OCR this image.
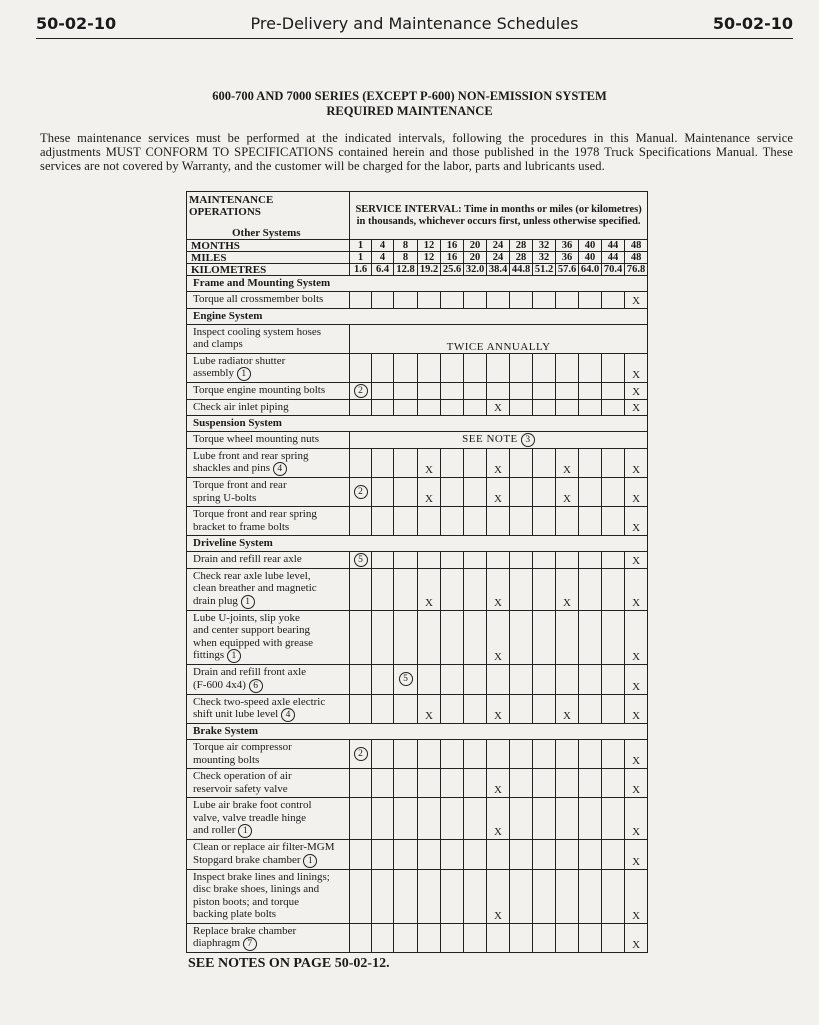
50-02-10	Pre-Delivery and Maintenance Schedules	50-02-10
600-700 AND 7000 SERIES (EXCEPT P-600) NON-EMISSION SYSTEM
REQUIRED MAINTENANCE
These maintenance services must be performed at the indicated intervals, following the procedures in this Manual. Maintenance service adjustments MUST CONFORM TO SPECIFICATIONS contained herein and those published in the 1978 Truck Specifications Manual. These services are not covered by Warranty, and the customer will be charged for the labor, parts and lubricants used.
MAINTENANCE OPERATIONS
Other Systems	SERVICE INTERVAL: Time in months or miles (or kilometres) in thousands, whichever occurs first, unless otherwise specified.												
MONTHS	1	4	8	12	16	20	24	28	32	36	40	44	48
MILES	1	4	8	12	16	20	24	28	32	36	40	44	48
KILOMETRES	1.6	6.4	12.8	19.2	25.6	32.0	38.4	44.8	51.2	57.6	64.0	70.4	76.8
Frame and Mounting System													

Torque all crossmember bolts													X
Engine System													

Inspect cooling system hoses
and clamps	TWICE ANNUALLY												

Lube radiator shutter
assembly 1													X

Torque engine mounting bolts	2												X

Check air inlet piping							X						X
Suspension System													

Torque wheel mounting nuts	SEE NOTE 3												

Lube front and rear spring
shackles and pins 4				X			X			X			X

Torque front and rear
spring U-bolts	2			X			X			X			X

Torque front and rear spring
bracket to frame bolts													X
Driveline System													

Drain and refill rear axle	5												X

Check rear axle lube level,
clean breather and magnetic
drain plug 1				X			X			X			X

Lube U-joints, slip yoke
and center support bearing
when equipped with grease
fittings 1							X						X

Drain and refill front axle
(F-600 4x4) 6			5										X

Check two-speed axle electric
shift unit lube level 4				X			X			X			X
Brake System													

Torque air compressor
mounting bolts	2												X

Check operation of air
reservoir safety valve							X						X

Lube air brake foot control
valve, valve treadle hinge
and roller 1							X						X

Clean or replace air filter-MGM
Stopgard brake chamber 1													X

Inspect brake lines and linings;
disc brake shoes, linings and
piston boots; and torque
backing plate bolts							X						X

Replace brake chamber
diaphragm 7													X
SEE NOTES ON PAGE 50-02-12.
